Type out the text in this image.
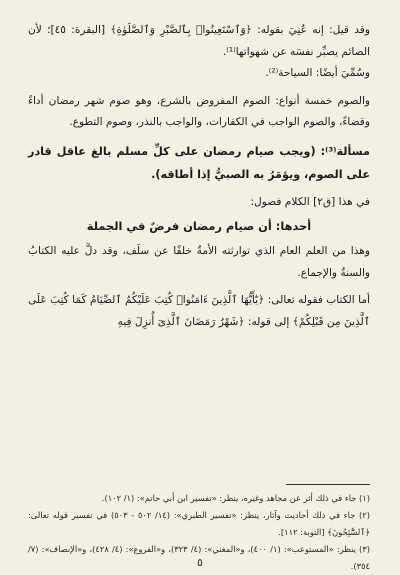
وقد قيل: إنه عُنِيَ بقوله: ﴿وَٱسْتَعِينُوا۟ بِٱلصَّبْرِ وَٱلصَّلَوٰةِ﴾ [البقرة: ٤٥]؛ لأن الصائم يصبِّر نفسَه عن شهواتها⁽¹⁾.

وسُمِّيَ أيضًا: السياحة⁽²⁾.

والصوم خمسة أنواع: الصوم المفروض بالشرع، وهو صوم شهر رمضان أداءً وقضاءً، والصوم الواجب في الكفارات، والواجب بالنذر، وصوم التطوع.

مسألة⁽³⁾: (ويجب صيام رمضان على كلِّ مسلم بالغ عاقل قادر على الصوم، ويؤمَرُ به الصبيُّ إذا أطاقه).

في هذا [ق٢] الكلام فصول:

أحدها: أن صيام رمضان فرضٌ في الجملة

وهذا من العلم العام الذي توارثته الأمةُ خلفًا عن سلَف، وقد دلَّ عليه الكتابُ والسنةُ والإجماع.

أما الكتاب فقوله تعالى: ﴿يَٰٓأَيُّهَا ٱلَّذِينَ ءَامَنُوا۟ كُتِبَ عَلَيْكُمُ ٱلصِّيَامُ كَمَا كُتِبَ عَلَى ٱلَّذِينَ مِن قَبْلِكُمْ﴾ إلى قوله: ﴿شَهْرُ رَمَضَانَ ٱلَّذِىٓ أُنزِلَ فِيهِ

(١) جاء في ذلك أثر عن مجاهد وغيره، ينظر: «تفسير ابن أبي حاتم»: (١/ ١٠٢).

(٢) جاء في ذلك أحاديث وآثار، ينظر: «تفسير الطبري»: (١٤/ ٥٠٢ - ٥٠٣) في تفسير قوله تعالى: ﴿ٱلسَّٰٓئِحُونَ﴾ [التوبة: ١١٢].

(٣) ينظر: «المستوعب»: (١/ ٤٠٠)، و«المغني»: (٤/ ٣٢٣)، و«الفروع»: (٤/ ٤٢٨)، و«الإنصاف»: (٧/ ٣٥٤).

٥
